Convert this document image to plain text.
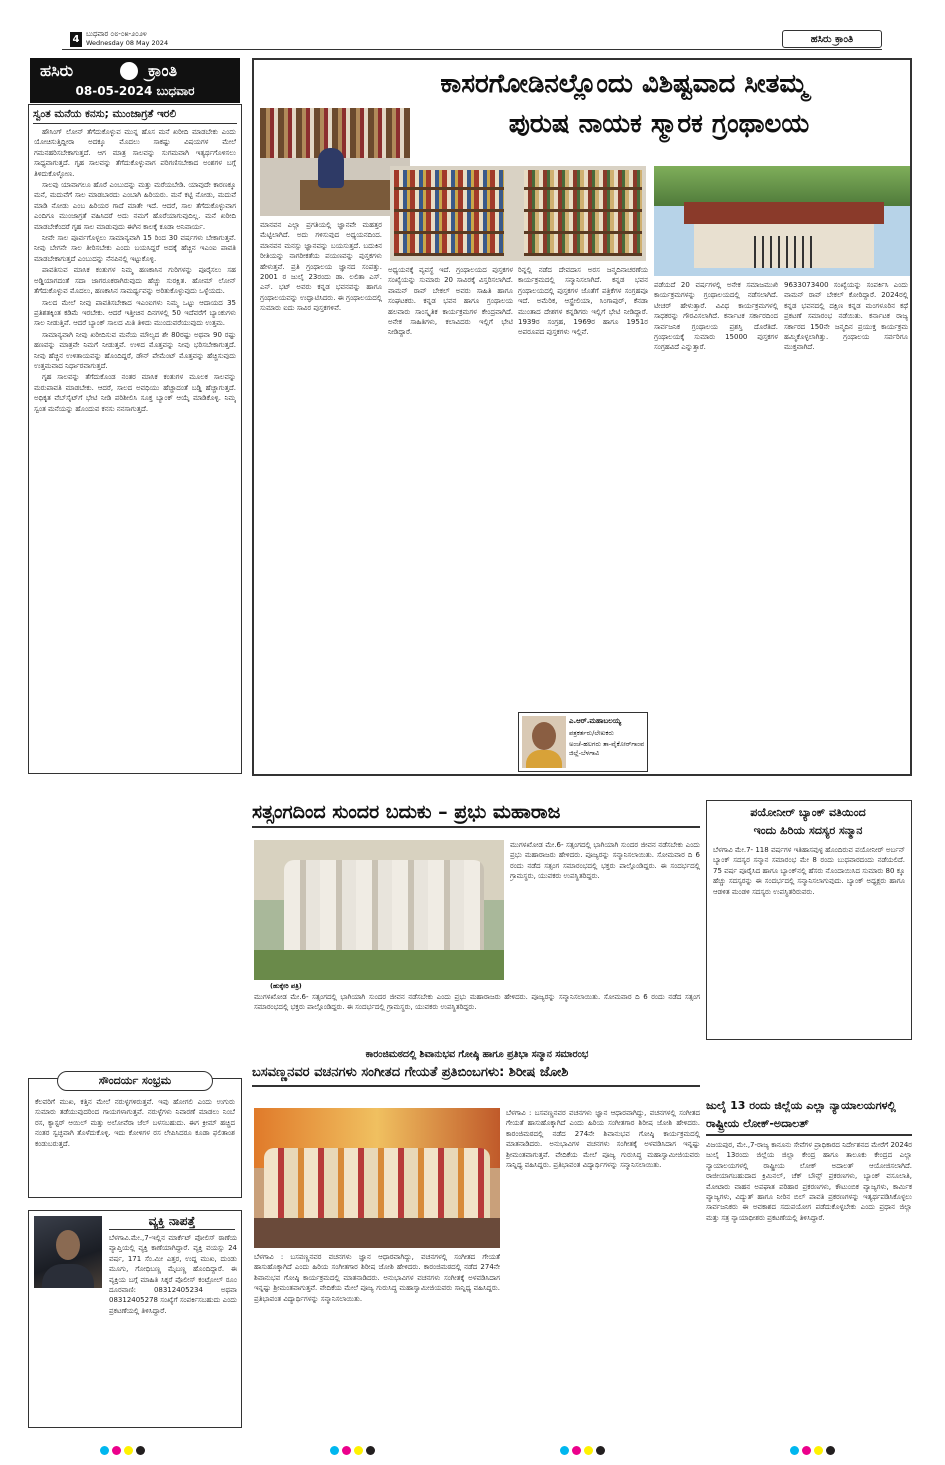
4 ಬುಧವಾರ ೦೮-೦೫-೨೦೨೪
Wednesday 08 May 2024	ಹಸಿರು ಕ್ರಾಂತಿ
ಹಸಿರು	ಕ್ರಾಂತಿ
08-05-2024 ಬುಧವಾರ
ಸ್ವಂತ ಮನೆಯ ಕನಸು; ಮುಂಜಾಗ್ರತೆ ಇರಲಿ

ಹೌಸಿಂಗ್ ಲೋನ್ ತೆಗೆದುಕೊಳ್ಳುವ ಮುನ್ನ ಹೊಸ ಮನೆ ಖರೀದಿ ಮಾಡಬೇಕು ಎಂದು ಯೋಚಿಸುತ್ತಿದ್ದೀರಾ ಅದಕ್ಕೂ ಮೊದಲು ಸಾಕಷ್ಟು ವಿಷಯಗಳ ಮೇಲೆ ಗಮನಹರಿಸಬೇಕಾಗುತ್ತದೆ. ಆಗ ಮಾತ್ರ ಸಾಲವನ್ನು ಸುಗಮವಾಗಿ ಇತ್ಯರ್ಥಗೊಳಿಸಲು ಸಾಧ್ಯವಾಗುತ್ತದೆ. ಗೃಹ ಸಾಲವನ್ನು ತೆಗೆದುಕೊಳ್ಳುವಾಗ ಪರಿಗಣಿಸಬೇಕಾದ ಅಂಶಗಳ ಬಗ್ಗೆ ತಿಳಿದುಕೊಳ್ಳೋಣ.

ಸಾಲವು ಯಾವಾಗಲೂ ಹೊರೆ ಎಂಬುದನ್ನು ಮತ್ತು ಮರೆಯಬೇಡಿ. ಯಾವುದೇ ಕಾರಣಕ್ಕೂ ಮನೆ, ಮದುವೆಗೆ ಸಾಲ ಮಾಡಬಾರದು ಎಂಬಾಗಿ ಹಿರಿಯರು. ಮನೆ ಕಟ್ಟಿ ನೋಡು, ಮದುವೆ ಮಾಡಿ ನೋಡು ಎಂಬ ಹಿರಿಯರ ಗಾದೆ ಮಾತೇ ಇದೆ. ಆದರೆ, ಸಾಲ ತೆಗೆದುಕೊಳ್ಳುವಾಗ ಎಂದಿಗೂ ಮುಂಜಾಗ್ರತೆ ವಹಿಸಿದರೆ ಅದು ನಮಗೆ ಹೊರೆಯಾಗುವುದಿಲ್ಲ. ಮನೆ ಖರೀದಿ ಮಾಡಬೇಕೆಂದರೆ ಗೃಹ ಸಾಲ ಮಾಡುವುದು ಈಗಿನ ಕಾಲಕ್ಕೆ ಕೂಡಾ ಅನಿವಾರ್ಯ.

ನೀವೇ ಸಾಲ ಪೂರ್ವಗೊಳ್ಳಲು ಸಾಮಾನ್ಯವಾಗಿ 15 ರಿಂದ 30 ವರ್ಷಗಳು ಬೇಕಾಗುತ್ತವೆ. ನೀವು ಬೇಗನೇ ಸಾಲ ತೀರಿಸಬೇಕು ಎಂದು ಬಯಸಿದ್ದರೆ ಅದಕ್ಕೆ ಹೆಚ್ಚಿನ ಇಎಂಐ ಪಾವತಿ ಮಾಡಬೇಕಾಗುತ್ತದೆ ಎಂಬುದನ್ನು ನೆನಪಿನಲ್ಲಿ ಇಟ್ಟುಕೊಳ್ಳಿ.

ಪಾವತಿಸುವ ಮಾಸಿಕ ಕಂತುಗಳ ನಿಮ್ಮ ಹಣಕಾಸಿನ ಗುರಿಗಳನ್ನು ಪೂರೈಸಲು ಸಹ ಅಡ್ಡಿಯಾಗದಂತೆ ಸದಾ ಜಾಗರೂಕರಾಗಿರುವುದು ಹೆಚ್ಚು ಸುರಕ್ಷಿತ. ಹೋಮ್ ಲೋನ್ ತೆಗೆದುಕೊಳ್ಳುವ ಮೊದಲು, ಹಣಕಾಸಿನ ಸಾಮರ್ಥ್ಯವನ್ನು ಅರಿತುಕೊಳ್ಳುವುದು ಒಳ್ಳೆಯದು.

ಸಾಲದ ಮೇಲೆ ನೀವು ಪಾವತಿಸಬೇಕಾದ ಇಎಂಐಗಳು ನಿಮ್ಮ ಒಟ್ಟು ಆದಾಯದ 35 ಪ್ರತಿಶತಕ್ಕಿಂತ ಕಡಿಮೆ ಇರಬೇಕು. ಆದರೆ ಇತ್ತೀಚಿನ ದಿನಗಳಲ್ಲಿ 50 ಇದೆವರೆಗೆ ಬ್ಯಾಂಕುಗಳು ಸಾಲ ನೀಡುತ್ತಿವೆ. ಆದರೆ ಬ್ಯಾಂಕ್ ಸಾಲದ ಮಿತಿ ತಿಳಿದು ಮುಂದುವರೆಯುವುದು ಉತ್ತಮ.

ಸಾಮಾನ್ಯವಾಗಿ ನೀವು ಖರೀದಿಸುವ ಮನೆಯ ಮೌಲ್ಯದ ಶೇ 80ರಷ್ಟು ಅಥವಾ 90 ರಷ್ಟು ಹಣವನ್ನು ಮಾತ್ರವೇ ನಿಮಗೆ ನೀಡುತ್ತವೆ. ಉಳಿದ ಮೊತ್ತವನ್ನು ನೀವು ಭರಿಸಬೇಕಾಗುತ್ತದೆ. ನೀವು ಹೆಚ್ಚಿನ ಉಳಿತಾಯವನ್ನು ಹೊಂದಿದ್ದರೆ, ಡೌನ್ ಪೇಮೆಂಟ್ ಮೊತ್ತವನ್ನು ಹೆಚ್ಚಿಸುವುದು ಉತ್ತಮವಾದ ನಿರ್ಧಾರವಾಗುತ್ತದೆ.

ಗೃಹ ಸಾಲವನ್ನು ತೆಗೆದುಕೊಂಡ ನಂತರ ಮಾಸಿಕ ಕಂತುಗಳ ಮೂಲಕ ಸಾಲವನ್ನು ಮರುಪಾವತಿ ಮಾಡಬೇಕು. ಆದರೆ, ಸಾಲದ ಅವಧಿಯು ಹೆಚ್ಚಾದಂತೆ ಬಡ್ಡಿ ಹೆಚ್ಚಾಗುತ್ತದೆ. ಅಧಿಕೃತ ವೆಬ್‌ಸೈಟ್‌ಗೆ ಭೇಟಿ ನೀಡಿ ಪರಿಶೀಲಿಸಿ ಸೂಕ್ತ ಬ್ಯಾಂಕ್ ಆಯ್ಕೆ ಮಾಡಿಕೊಳ್ಳಿ. ನಿಮ್ಮ ಸ್ವಂತ ಮನೆಯನ್ನು ಹೊಂದುವ ಕನಸು ನನಸಾಗುತ್ತದೆ.

ಸೌಂದರ್ಯ ಸಂಭ್ರಮ
ಕೆಲವರಿಗೆ ಮುಖ, ಕತ್ತಿನ ಮೇಲೆ ನರುಳ್ಳಗಳಿರುತ್ತವೆ. ಇವು ಹೋಗಲಿ ಎಂದು ಉಗುರು ಸುಮಾರು ತಡೆಯುವುದರಿಂದ ಗಾಯಗಳಾಗುತ್ತವೆ. ನರುಳ್ಳೆಗಳು ನಿವಾರಣೆ ಮಾಡಲು ನಿಂಬೆ ರಸ, ಕ್ಯಾಸ್ಟರ್ ಆಯಿಲ್ ಮತ್ತು ಅಲೋವೆರಾ ಜೆಲ್ ಬಳಸಬಹುದು. ಈಗ ಕ್ರೀಮ್ ಹಚ್ಚಿದ ನಂತರ ಸ್ವಚ್ಛವಾಗಿ ತೊಳೆದುಕೊಳ್ಳಿ. ಇದು ಕೋಳಿಗಳ ರಸ ಲೇಪಿಸಿದರೂ ಕೂಡಾ ಫಲಿತಾಂಶ ಕಂಡುಬರುತ್ತದೆ.
ವ್ಯಕ್ತಿ ನಾಪತ್ತೆ
ಬೆಳಗಾವಿ.ಮೇ.,7-ಇಲ್ಲಿನ ಮಾರ್ಕೆಟ್ ಪೋಲಿಸ್ ಠಾಣೆಯ ವ್ಯಾಪ್ತಿಯಲ್ಲಿ ವ್ಯಕ್ತಿ ಕಾಣೆಯಾಗಿದ್ದಾರೆ. ವ್ಯಕ್ತಿ ವಯಸ್ಸು 24 ವರ್ಷ, 171 ಸೆಂ.ಮೀ ಎತ್ತರ, ಉದ್ದ ಮುಖ, ದುಂಡು ಮೂಗು, ಗೋಧಿಬಣ್ಣ ಮೈಬಣ್ಣ ಹೊಂದಿದ್ದಾರೆ. ಈ ವ್ಯಕ್ತಿಯ ಬಗ್ಗೆ ಮಾಹಿತಿ ಸಿಕ್ಕರೆ ಪೊಲೀಸ್ ಕಂಟ್ರೋಲ್ ರೂಂ ದೂರವಾಣಿ: 08312405234 ಅಥವಾ 08312405278 ಸಂಖ್ಯೆಗೆ ಸಂಪರ್ಕಿಸಬಹುದು ಎಂದು ಪ್ರಕಟಣೆಯಲ್ಲಿ ತಿಳಿಸಿದ್ದಾರೆ.
ಕಾಸರಗೋಡಿನಲ್ಲೊಂದು ವಿಶಿಷ್ಟವಾದ ಸೀತಮ್ಮ
ಪುರುಷ ನಾಯಕ ಸ್ಮಾರಕ ಗ್ರಂಥಾಲಯ
ಮಾನವನ ಎಲ್ಲಾ ಪ್ರಗತಿಯಲ್ಲಿ ಜ್ಞಾನವೇ ಮಹತ್ತರ ಮೆಟ್ಟಿಲಾಗಿದೆ. ಅದು ಗಳಿಸುವುದ ಅಧ್ಯಯನದಿಂದ. ಮಾನವನ ಮನಸ್ಸು ಜ್ಞಾನವನ್ನು ಬಯಸುತ್ತದೆ. ಬದುಕಿನ ರೀತಿಯನ್ನು ನಾಗರೀಕತೆಯ ಪಯಣವನ್ನು ಪುಸ್ತಕಗಳು ಹೇಳುತ್ತವೆ. ಪ್ರತಿ ಗ್ರಂಥಾಲಯ ಜ್ಞಾನದ ಸಂಪತ್ತು. 2001 ರ ಜುಲೈ 23ರಂದು ಡಾ. ಲಲಿತಾ ಎಸ್. ಎನ್. ಭಟ್ ಅವರು ಕನ್ನಡ ಭವನವನ್ನು ಹಾಗೂ ಗ್ರಂಥಾಲಯವನ್ನು ಉದ್ಘಾಟಿಸಿದರು. ಈ ಗ್ರಂಥಾಲಯದಲ್ಲಿ ಸುಮಾರು ಐದು ಸಾವಿರ ಪುಸ್ತಕಗಳಿವೆ.
ಅಧ್ಯಯನಕ್ಕೆ ವ್ಯವಸ್ಥೆ ಇದೆ. ಗ್ರಂಥಾಲಯದ ಪುಸ್ತಕಗಳ ಸಂಖ್ಯೆಯನ್ನು ಸುಮಾರು 20 ಸಾವಿರಕ್ಕೆ ವಿಸ್ತರಿಸಲಾಗಿದೆ. ವಾಮನ್ ರಾವ್ ಬೇಕಲ್ ಅವರು ಸಾಹಿತಿ ಹಾಗೂ ಸಂಘಟಕರು. ಕನ್ನಡ ಭವನ ಹಾಗೂ ಗ್ರಂಥಾಲಯ ಹಲವಾರು ಸಾಂಸ್ಕೃತಿಕ ಕಾರ್ಯಕ್ರಮಗಳ ಕೇಂದ್ರವಾಗಿದೆ. ಅನೇಕ ಸಾಹಿತಿಗಳು, ಕಲಾವಿದರು ಇಲ್ಲಿಗೆ ಭೇಟಿ ನೀಡಿದ್ದಾರೆ.
ರಿನ್ನಲ್ಲಿ ನಡೆದ ದೇವದಾಸ ಅರಸ ಜನ್ಮದಿನಾಚರಣೆಯ ಕಾರ್ಯಕ್ರಮದಲ್ಲಿ ಸನ್ಮಾನಿಸಲಾಗಿದೆ. ಕನ್ನಡ ಭವನ ಗ್ರಂಥಾಲಯದಲ್ಲಿ ಪುಸ್ತಕಗಳ ಜೊತೆಗೆ ಪತ್ರಿಕೆಗಳ ಸಂಗ್ರಹವೂ ಇದೆ. ಅಮೆರಿಕ, ಆಸ್ಟ್ರೇಲಿಯಾ, ಸಿಂಗಾಪುರ್, ಕೆನಡಾ ಮುಂತಾದ ದೇಶಗಳ ಕನ್ನಡಿಗರು ಇಲ್ಲಿಗೆ ಭೇಟಿ ನೀಡಿದ್ದಾರೆ. 1939ರ ಸಂಗ್ರಹ, 1969ರ ಹಾಗೂ 1951ರ ಅಪರೂಪದ ಪುಸ್ತಕಗಳು ಇಲ್ಲಿವೆ.
ಪಡೆಯದೆ 20 ವರ್ಷಗಳಲ್ಲಿ ಅನೇಕ ಸಮಾಜಮುಖಿ ಕಾರ್ಯಕ್ರಮಗಳನ್ನು ಗ್ರಂಥಾಲಯದಲ್ಲಿ ನಡೆಸಲಾಗಿದೆ. ಟೀಚರ್ ಹೇಳುತ್ತಾರೆ. ವಿವಿಧ ಕಾರ್ಯಕ್ರಮಗಳಲ್ಲಿ ಸಾಧಕರನ್ನು ಗೌರವಿಸಲಾಗಿದೆ. ಕರ್ನಾಟಕ ಸರ್ಕಾರದಿಂದ ಸಾರ್ವಜನಿಕ ಗ್ರಂಥಾಲಯ ಪ್ರಶಸ್ತಿ ದೊರೆತಿದೆ. ಗ್ರಂಥಾಲಯಕ್ಕೆ ಸುಮಾರು 15000 ಪುಸ್ತಕಗಳ ಸಂಗ್ರಹವಿದೆ ಎನ್ನುತ್ತಾರೆ.
9633073400 ಸಂಖ್ಯೆಯನ್ನು ಸಂಪರ್ಕಿಸಿ ಎಂದು ವಾಮನ್ ರಾವ್ ಬೇಕಲ್ ಕೋರಿದ್ದಾರೆ. 2024ರಲ್ಲಿ ಕನ್ನಡ ಭವನದಲ್ಲಿ ದಕ್ಷಿಣ ಕನ್ನಡ ಮಂಗಳೂರಿನ ಕಥೆ ಪ್ರಕಟಣೆ ಸಮಾರಂಭ ನಡೆಯಿತು. ಕರ್ನಾಟಕ ರಾಜ್ಯ ಸರ್ಕಾರದ 150ನೇ ಜನ್ಮದಿನ ಪ್ರಯುಕ್ತ ಕಾರ್ಯಕ್ರಮ ಹಮ್ಮಿಕೊಳ್ಳಲಾಗಿತ್ತು. ಗ್ರಂಥಾಲಯ ಸರ್ವರಿಗೂ ಮುಕ್ತವಾಗಿದೆ.
ಎ.ಆರ್.ಮಹಾಬಲಯ್ಯ
ಪತ್ರಕರ್ತರು/ಲೇಖಕರು
ಅಂಚೆ-ಹಲಗರು ತಾ-ವೈಕೋರ್‌ಗಾಂವ ಜಿಲ್ಲೆ-ಬೆಳಗಾವಿ
ಸತ್ಸಂಗದಿಂದ ಸುಂದರ ಬದುಕು – ಪ್ರಭು ಮಹಾರಾಜ
(ಹುಕ್ಕೇರಿ ಪತ್ರಿ)
ಮುಗಳಖೋಡ ಮೇ.6- ಸತ್ಸಂಗದಲ್ಲಿ ಭಾಗಿಯಾಗಿ ಸುಂದರ ಜೀವನ ನಡೆಸಬೇಕು ಎಂದು ಪ್ರಭು ಮಹಾರಾಜರು ಹೇಳಿದರು. ಪೂಜ್ಯರನ್ನು ಸನ್ಮಾನಿಸಲಾಯಿತು. ಸೋಮವಾರ ದಿ 6 ರಂದು ನಡೆದ ಸತ್ಸಂಗ ಸಮಾರಂಭದಲ್ಲಿ ಭಕ್ತರು ಪಾಲ್ಗೊಂಡಿದ್ದರು. ಈ ಸಂದರ್ಭದಲ್ಲಿ ಗ್ರಾಮಸ್ಥರು, ಯುವಕರು ಉಪಸ್ಥಿತರಿದ್ದರು.
ಮುಗಳಖೋಡ ಮೇ.6- ಸತ್ಸಂಗದಲ್ಲಿ ಭಾಗಿಯಾಗಿ ಸುಂದರ ಜೀವನ ನಡೆಸಬೇಕು ಎಂದು ಪ್ರಭು ಮಹಾರಾಜರು ಹೇಳಿದರು. ಪೂಜ್ಯರನ್ನು ಸನ್ಮಾನಿಸಲಾಯಿತು. ಸೋಮವಾರ ದಿ 6 ರಂದು ನಡೆದ ಸತ್ಸಂಗ ಸಮಾರಂಭದಲ್ಲಿ ಭಕ್ತರು ಪಾಲ್ಗೊಂಡಿದ್ದರು. ಈ ಸಂದರ್ಭದಲ್ಲಿ ಗ್ರಾಮಸ್ಥರು, ಯುವಕರು ಉಪಸ್ಥಿತರಿದ್ದರು.
ಪಯೋನೀರ್ ಬ್ಯಾಂಕ್ ವತಿಯಿಂದ
ಇಂದು ಹಿರಿಯ ಸದಸ್ಯರ ಸನ್ಮಾನ
ಬೆಳಗಾವಿ ಮೇ.7- 118 ವರ್ಷಗಳ ಇತಿಹಾಸವುಳ್ಳ ಹೊಂದಿರುವ ಪಯೋನೀರ್ ಅರ್ಬನ್ ಬ್ಯಾಂಕ್ ಸದಸ್ಯರ ಸನ್ಮಾನ ಸಮಾರಂಭ ಮೇ 8 ರಂದು ಬುಧವಾರದಂದು ನಡೆಯಲಿದೆ. 75 ವರ್ಷ ಪೂರೈಸಿದ ಹಾಗೂ ಬ್ಯಾಂಕ್‌ನಲ್ಲಿ ಹೆಸರು ನೊಂದಾಯಿಸಿದ ಸುಮಾರು 80 ಕ್ಕೂ ಹೆಚ್ಚು ಸದಸ್ಯರನ್ನು ಈ ಸಂದರ್ಭದಲ್ಲಿ ಸನ್ಮಾನಿಸಲಾಗುವುದು. ಬ್ಯಾಂಕ್ ಅಧ್ಯಕ್ಷರು ಹಾಗೂ ಆಡಳಿತ ಮಂಡಳಿ ಸದಸ್ಯರು ಉಪಸ್ಥಿತರಿರುವರು.
ಕಾರಂಜಿಮಠದಲ್ಲಿ ಶಿವಾನುಭವ ಗೋಷ್ಠಿ ಹಾಗೂ ಪ್ರತಿಭಾ ಸನ್ಮಾನ ಸಮಾರಂಭ
ಬಸವಣ್ಣನವರ ವಚನಗಳು ಸಂಗೀತದ ಗೇಯತೆ ಪ್ರತಿಬಿಂಬಗಳು: ಶಿರೀಷ ಜೋಶಿ
ಬೆಳಗಾವಿ : ಬಸವಣ್ಣನವರ ವಚನಗಳು ಜ್ಞಾನ ಆಧಾರವಾಗಿದ್ದು, ವಚನಗಳಲ್ಲಿ ಸಂಗೀತದ ಗೇಯತೆ ಹಾಸುಹೊಕ್ಕಾಗಿದೆ ಎಂದು ಹಿರಿಯ ಸಂಗೀತಗಾರ ಶಿರೀಷ ಜೋಶಿ ಹೇಳಿದರು. ಕಾರಂಜಿಮಠದಲ್ಲಿ ನಡೆದ 274ನೇ ಶಿವಾನುಭವ ಗೋಷ್ಠಿ ಕಾರ್ಯಕ್ರಮದಲ್ಲಿ ಮಾತನಾಡಿದರು. ಅನುಭಾವಿಗಳ ವಚನಗಳು ಸಂಗೀತಕ್ಕೆ ಅಳವಡಿಸಿದಾಗ ಇನ್ನಷ್ಟು ಶ್ರೀಮಂತವಾಗುತ್ತವೆ. ವೇದಿಕೆಯ ಮೇಲೆ ಪೂಜ್ಯ ಗುರುಸಿದ್ಧ ಮಹಾಸ್ವಾಮೀಜಿಯವರು ಸಾನ್ನಿಧ್ಯ ವಹಿಸಿದ್ದರು. ಪ್ರತಿಭಾವಂತ ವಿದ್ಯಾರ್ಥಿಗಳನ್ನು ಸನ್ಮಾನಿಸಲಾಯಿತು.
ಬೆಳಗಾವಿ : ಬಸವಣ್ಣನವರ ವಚನಗಳು ಜ್ಞಾನ ಆಧಾರವಾಗಿದ್ದು, ವಚನಗಳಲ್ಲಿ ಸಂಗೀತದ ಗೇಯತೆ ಹಾಸುಹೊಕ್ಕಾಗಿದೆ ಎಂದು ಹಿರಿಯ ಸಂಗೀತಗಾರ ಶಿರೀಷ ಜೋಶಿ ಹೇಳಿದರು. ಕಾರಂಜಿಮಠದಲ್ಲಿ ನಡೆದ 274ನೇ ಶಿವಾನುಭವ ಗೋಷ್ಠಿ ಕಾರ್ಯಕ್ರಮದಲ್ಲಿ ಮಾತನಾಡಿದರು. ಅನುಭಾವಿಗಳ ವಚನಗಳು ಸಂಗೀತಕ್ಕೆ ಅಳವಡಿಸಿದಾಗ ಇನ್ನಷ್ಟು ಶ್ರೀಮಂತವಾಗುತ್ತವೆ. ವೇದಿಕೆಯ ಮೇಲೆ ಪೂಜ್ಯ ಗುರುಸಿದ್ಧ ಮಹಾಸ್ವಾಮೀಜಿಯವರು ಸಾನ್ನಿಧ್ಯ ವಹಿಸಿದ್ದರು. ಪ್ರತಿಭಾವಂತ ವಿದ್ಯಾರ್ಥಿಗಳನ್ನು ಸನ್ಮಾನಿಸಲಾಯಿತು.
ಜುಲೈ 13 ರಂದು ಜಿಲ್ಲೆಯ ಎಲ್ಲಾ ನ್ಯಾಯಾಲಯಗಳಲ್ಲಿ
ರಾಷ್ಟ್ರೀಯ ಲೋಕ್-ಅದಾಲತ್
ವಿಜಯಪುರ, ಮೇ.,7-ರಾಜ್ಯ ಕಾನೂನು ಸೇವೆಗಳ ಪ್ರಾಧಿಕಾರದ ನಿರ್ದೇಶನದ ಮೇರೆಗೆ 2024ರ ಜುಲೈ 13ರಂದು ಜಿಲ್ಲೆಯ ಜಿಲ್ಲಾ ಕೇಂದ್ರ ಹಾಗೂ ತಾಲೂಕು ಕೇಂದ್ರದ ಎಲ್ಲಾ ನ್ಯಾಯಾಲಯಗಳಲ್ಲಿ ರಾಷ್ಟ್ರೀಯ ಲೋಕ್ ಅದಾಲತ್ ಆಯೋಜಿಸಲಾಗಿದೆ. ರಾಜೀಯಾಗಬಹುದಾದ ಕ್ರಿಮಿನಲ್, ಚೆಕ್ ಬೌನ್ಸ್ ಪ್ರಕರಣಗಳು, ಬ್ಯಾಂಕ್ ವಸೂಲಾತಿ, ಮೋಟಾರು ವಾಹನ ಅಪಘಾತ ಪರಿಹಾರ ಪ್ರಕರಣಗಳು, ಕೌಟುಂಬಿಕ ವ್ಯಾಜ್ಯಗಳು, ಕಾರ್ಮಿಕ ವ್ಯಾಜ್ಯಗಳು, ವಿದ್ಯುತ್ ಹಾಗೂ ನೀರಿನ ಬಿಲ್ ಪಾವತಿ ಪ್ರಕರಣಗಳನ್ನು ಇತ್ಯರ್ಥಪಡಿಸಿಕೊಳ್ಳಲು ಸಾರ್ವಜನಿಕರು ಈ ಅವಕಾಶದ ಸದುಪಯೋಗ ಪಡೆದುಕೊಳ್ಳಬೇಕು ಎಂದು ಪ್ರಧಾನ ಜಿಲ್ಲಾ ಮತ್ತು ಸತ್ರ ನ್ಯಾಯಾಧೀಶರು ಪ್ರಕಟಣೆಯಲ್ಲಿ ತಿಳಿಸಿದ್ದಾರೆ.
